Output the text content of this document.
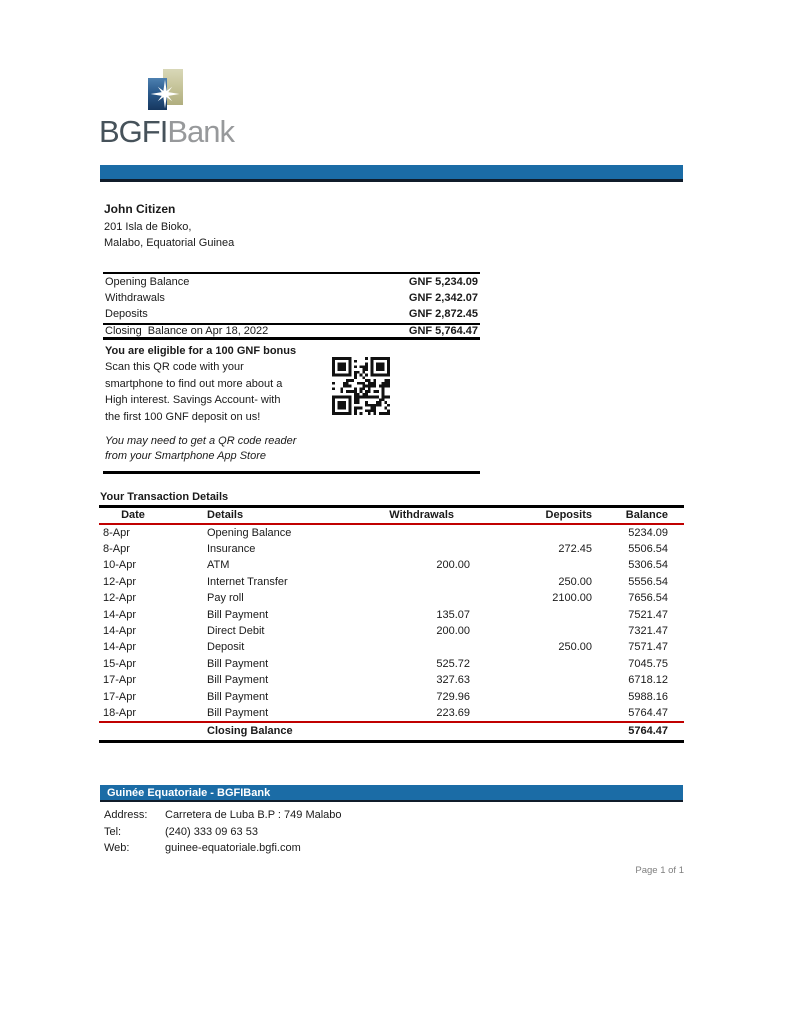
BGFIBank
John Citizen
201 Isla de Bioko,
Malabo, Equatorial Guinea
Opening Balance	GNF 5,234.09
Withdrawals	GNF 2,342.07
Deposits	GNF 2,872.45
Closing  Balance on Apr 18, 2022	GNF 5,764.47
You are eligible for a 100 GNF bonus
Scan this QR code with your
smartphone to find out more about a
High interest. Savings Account- with
the first 100 GNF deposit on us!
You may need to get a QR code reader
from your Smartphone App Store
Your Transaction Details
Date	Details	Withdrawals	Deposits	Balance
8-Apr	Opening Balance			5234.09
8-Apr	Insurance		272.45	5506.54
10-Apr	ATM	200.00		5306.54
12-Apr	Internet Transfer		250.00	5556.54
12-Apr	Pay roll		2100.00	7656.54
14-Apr	Bill Payment	135.07		7521.47
14-Apr	Direct Debit	200.00		7321.47
14-Apr	Deposit		250.00	7571.47
15-Apr	Bill Payment	525.72		7045.75
17-Apr	Bill Payment	327.63		6718.12
17-Apr	Bill Payment	729.96		5988.16
18-Apr	Bill Payment	223.69		5764.47
	Closing Balance			5764.47
Guinée Equatoriale - BGFIBank
Address:	Carretera de Luba B.P : 749 Malabo
Tel:	(240) 333 09 63 53
Web:	guinee-equatoriale.bgfi.com
Page 1 of 1
